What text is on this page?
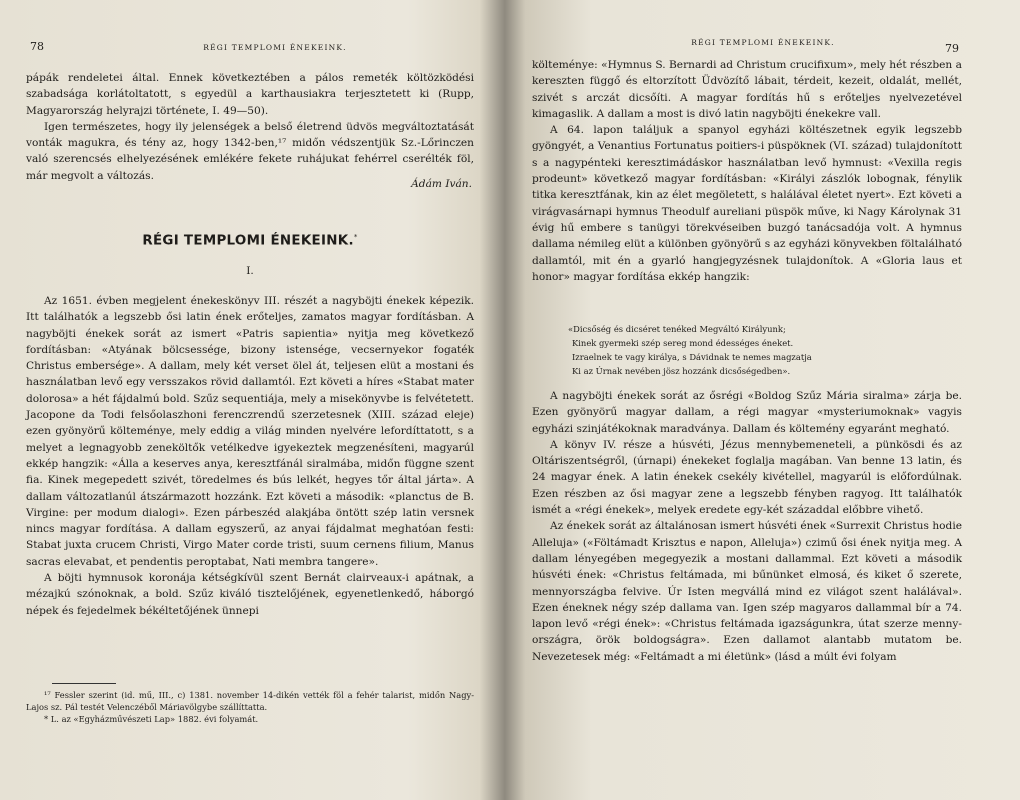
78	RÉGI TEMPLOMI ÉNEKEINK.

pápák rendeletei által. Ennek következtében a pálos remeték költözködési szabadsága korlátoltatott, s egyedül a karthausiakra terjesztetett ki (Rupp, Magyarország helyrajzi története, I. 49—50).

Igen természetes, hogy ily jelenségek a belső életrend üdvös megváltoztatását vonták magukra, és tény az, hogy 1342-ben,¹⁷ midőn védszentjük Sz.-Lőrinczen való szerencsés elhelyezésének emlékére fekete ruhájukat fehérrel cserélték föl, már megvolt a változás.

Ádám Iván.
RÉGI TEMPLOMI ÉNEKEINK.*
I.

Az 1651. évben megjelent énekeskönyv III. részét a nagyböjti énekek képezik. Itt találhatók a legszebb ősi latin ének erőteljes, zamatos magyar fordításban. A nagyböjti énekek sorát az ismert «Patris sapientia» nyitja meg következő fordításban: «Atyának bölcsessége, bizony istensége, vecsernyekor fogaték Christus embersége». A dallam, mely két verset ölel át, teljesen elüt a mostani és használatban levő egy versszakos rövid dallamtól. Ezt követi a híres «Stabat mater dolorosa» a hét fájdalmú bold. Szűz sequentiája, mely a misekönyvbe is felvétetett. Jacopone da Todi felsőolaszhoni ferenczrendű szerzetesnek (XIII. század eleje) ezen gyönyörű költeménye, mely eddig a világ minden nyelvére lefordíttatott, s a melyet a legnagyobb zeneköltők vetélkedve igyekeztek megzenésíteni, magyarúl ekkép hangzik: «Álla a keserves anya, keresztfánál siralmába, midőn függne szent fia. Kinek megepedett szivét, töredelmes és bús lelkét, hegyes tőr által járta». A dallam változatlanúl átszármazott hozzánk. Ezt követi a második: «planctus de B. Virgine: per modum dialogi». Ezen párbeszéd alakjába öntött szép latin versnek nincs magyar fordítása. A dallam egyszerű, az anyai fájdalmat meghatóan festi: Stabat juxta crucem Christi, Virgo Mater corde tristi, suum cernens filium, Manus sacras elevabat, et pendentis peroptabat, Nati membra tangere».

A böjti hymnusok koronája kétségkívül szent Bernát clairveaux-i apátnak, a mézajkú szónoknak, a bold. Szűz kiváló tisztelőjének, egyenetlenkedő, háborgó népek és fejedelmek békéltetőjének ünnepi

¹⁷ Fessler szerint (id. mű, III., c) 1381. november 14-dikén vették föl a fehér talarist, midőn Nagy-Lajos sz. Pál testét Velenczéből Máriavölgybe szállíttatta.

* L. az «Egyházművészeti Lap» 1882. évi folyamát.

RÉGI TEMPLOMI ÉNEKEINK.	79

költeménye: «Hymnus S. Bernardi ad Christum crucifixum», mely hét részben a kereszten függő és eltorzított Üdvözítő lábait, térdeit, kezeit, oldalát, mellét, szivét s arczát dicsőíti. A magyar fordítás hű s erőteljes nyelvezetével kimagaslik. A dallam a most is divó latin nagyböjti énekekre vall.

A 64. lapon találjuk a spanyol egyházi költészetnek egyik legszebb gyöngyét, a Venantius Fortunatus poitiers-i püspöknek (VI. század) tulajdonított s a nagypénteki keresztimádáskor használatban levő hymnust: «Vexilla regis prodeunt» következő magyar fordításban: «Királyi zászlók lobognak, fénylik titka keresztfának, kin az élet megöletett, s halálával életet nyert». Ezt követi a virágvasárnapi hymnus Theodulf aureliani püspök műve, ki Nagy Károlynak 31 évig hű embere s tanügyi törekvéseiben buzgó tanácsadója volt. A hymnus dallama némileg elüt a különben gyönyörű s az egyházi könyvekben föltalálható dallamtól, mit én a gyarló hangjegyzésnek tulajdonítok. A «Gloria laus et honor» magyar fordítása ekkép hangzik:

«Dicsőség és dicséret tenéked Megváltó Királyunk;
Kinek gyermeki szép sereg mond édességes éneket.
Izraelnek te vagy királya, s Dávidnak te nemes magzatja
Ki az Úrnak nevében jösz hozzánk dicsőségedben».

A nagyböjti énekek sorát az ősrégi «Boldog Szűz Mária siralma» zárja be. Ezen gyönyörű magyar dallam, a régi magyar «mysteriumoknak» vagyis egyházi szinjátékoknak maradványa. Dallam és költemény egyaránt megható.

A könyv IV. része a húsvéti, Jézus mennybemeneteli, a pünkösdi és az Oltáriszentségről, (úrnapi) énekeket foglalja magában. Van benne 13 latin, és 24 magyar ének. A latin énekek csekély kivétellel, magyarúl is előfordúlnak. Ezen részben az ősi magyar zene a legszebb fényben ragyog. Itt találhatók ismét a «régi énekek», melyek eredete egy-két századdal előbbre vihető.

Az énekek sorát az általánosan ismert húsvéti ének «Surrexit Christus hodie Alleluja» («Föltámadt Krisztus e napon, Alleluja») czimű ősi ének nyitja meg. A dallam lényegében megegyezik a mostani dallammal. Ezt követi a második húsvéti ének: «Christus feltámada, mi bűnünket elmosá, és kiket ő szerete, mennyországba felvive. Úr Isten megvállá mind ez világot szent halálával». Ezen éneknek négy szép dallama van. Igen szép magyaros dallammal bír a 74. lapon levő «régi ének»: «Christus feltámada igazságunkra, útat szerze mennyországra, örök boldogságra». Ezen dallamot alantabb mutatom be. Nevezetesek még: «Feltámadt a mi életünk» (lásd a múlt évi folyam
